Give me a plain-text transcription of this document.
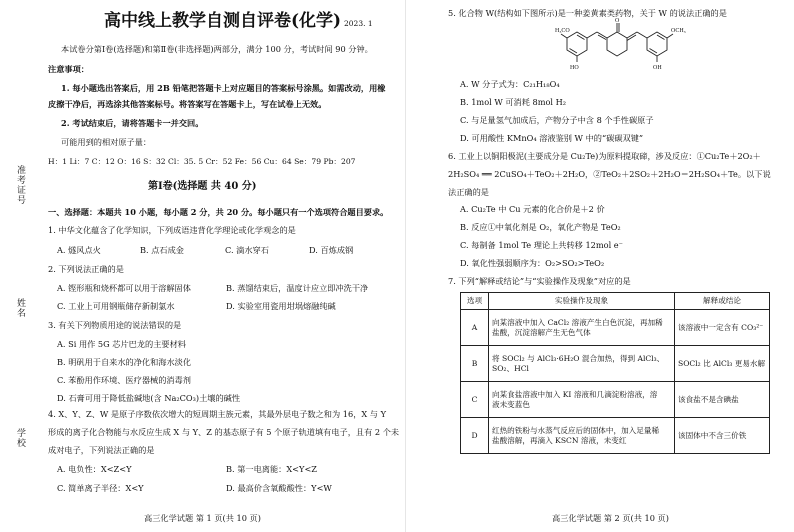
准考证号
姓名
学校
高中线上教学自测自评卷(化学) 2023. 1
本试卷分第Ⅰ卷(选择题)和第Ⅱ卷(非选择题)两部分，满分 100 分，考试时间 90 分钟。
注意事项：
1. 每小题选出答案后，用 2B 铅笔把答题卡上对应题目的答案标号涂黑。如需改动，用橡
皮擦干净后，再选涂其他答案标号。将答案写在答题卡上，写在试卷上无效。
2. 考试结束后，请将答题卡一并交回。
可能用到的相对原子量：
H：1 Li：7 C：12 O：16 S：32 Cl：35. 5 Cr：52 Fe：56 Cu：64 Se：79 Pb：207
第Ⅰ卷(选择题 共 40 分)
一、选择题：本题共 10 小题，每小题 2 分，共 20 分。每小题只有一个选项符合题目要求。
1. 中华文化蕴含了化学知识，下列成语违背化学理论或化学观念的是
A. 燧风点火	B. 点石成金	C. 滴水穿石	D. 百炼成钢
2. 下列说法正确的是
A. 铿形瓶和烧杯都可以用于溶解固体	B. 蒸馏结束后，温度计应立即冲洗干净
C. 工业上可用钢瓶储存新制氯水	D. 实验室用瓷用坩埚熔融纯碱
3. 有关下列物质用途的说法错误的是
A. Si 用作 5G 芯片巴龙的主要材料
B. 明矾用于自来水的净化和海水淡化
C. 苯酚用作环境、医疗器械的消毒剂
D. 石膏可用于降低盐碱地(含 Na₂CO₃)土壤的碱性
4. X、Y、Z、W 是原子序数依次增大的短周期主族元素，其最外层电子数之和为 16，X 与 Y
形成的离子化合物能与水反应生成 X 与 Y、Z 的基态原子有 5 个原子轨道填有电子，且有 2 个未
成对电子，下列说法正确的是
A. 电负性：X<Z<Y	B. 第一电离能：X<Y<Z
C. 简单离子半径：X<Y	D. 最高价含氧酸酸性：Y<W
高三化学试题 第 1 页(共 10 页)
5. 化合物 W(结构如下图所示)是一种姜黄素类药物，关于 W 的说法正确的是
H₃CO
HO
O
OCH₃
OH
A. W 分子式为：C₂₁H₁₈O₄
B. 1mol W 可消耗 8mol H₂
C. 与足量氢气加成后，产物分子中含 8 个手性碳原子
D. 可用酸性 KMnO₄ 溶液鉴别 W 中的“碳碳双键”
6. 工业上以铜阳极泥(主要成分是 Cu₂Te)为原料提取碲，涉及反应：①Cu₂Te＋2O₂＋
2H₂SO₄ ══ 2CuSO₄＋TeO₂＋2H₂O，②TeO₂＋2SO₂＋2H₂O＝2H₂SO₄＋Te。以下说
法正确的是
A. Cu₂Te 中 Cu 元素的化合价是＋2 价
B. 反应①中氧化剂是 O₂，氧化产物是 TeO₂
C. 每制备 1mol Te 理论上共转移 12mol e⁻
D. 氧化性强弱顺序为：O₂>SO₂>TeO₂
7. 下列“解释或结论”与“实验操作及现象”对应的是
选项	实验操作及现象	解释或结论
A	向某溶液中加入 CaCl₂ 溶液产生白色沉淀，再加稀
盐酸，沉淀溶解产生无色气体	该溶液中一定含有 CO₃²⁻
B	将 SOCl₂ 与 AlCl₃·6H₂O 混合加热，得到 AlCl₃、
SO₂、HCl	SOCl₂ 比 AlCl₃ 更易水解
C	向某食盐溶液中加入 KI 溶液和几滴淀粉溶液，溶
液未变蓝色	该食盐不是含碘盐
D	红热的铁粉与水蒸气反应后的固体中，加入足量稀
盐酸溶解，再滴入 KSCN 溶液，未变红	该固体中不含三价铁
高三化学试题 第 2 页(共 10 页)
